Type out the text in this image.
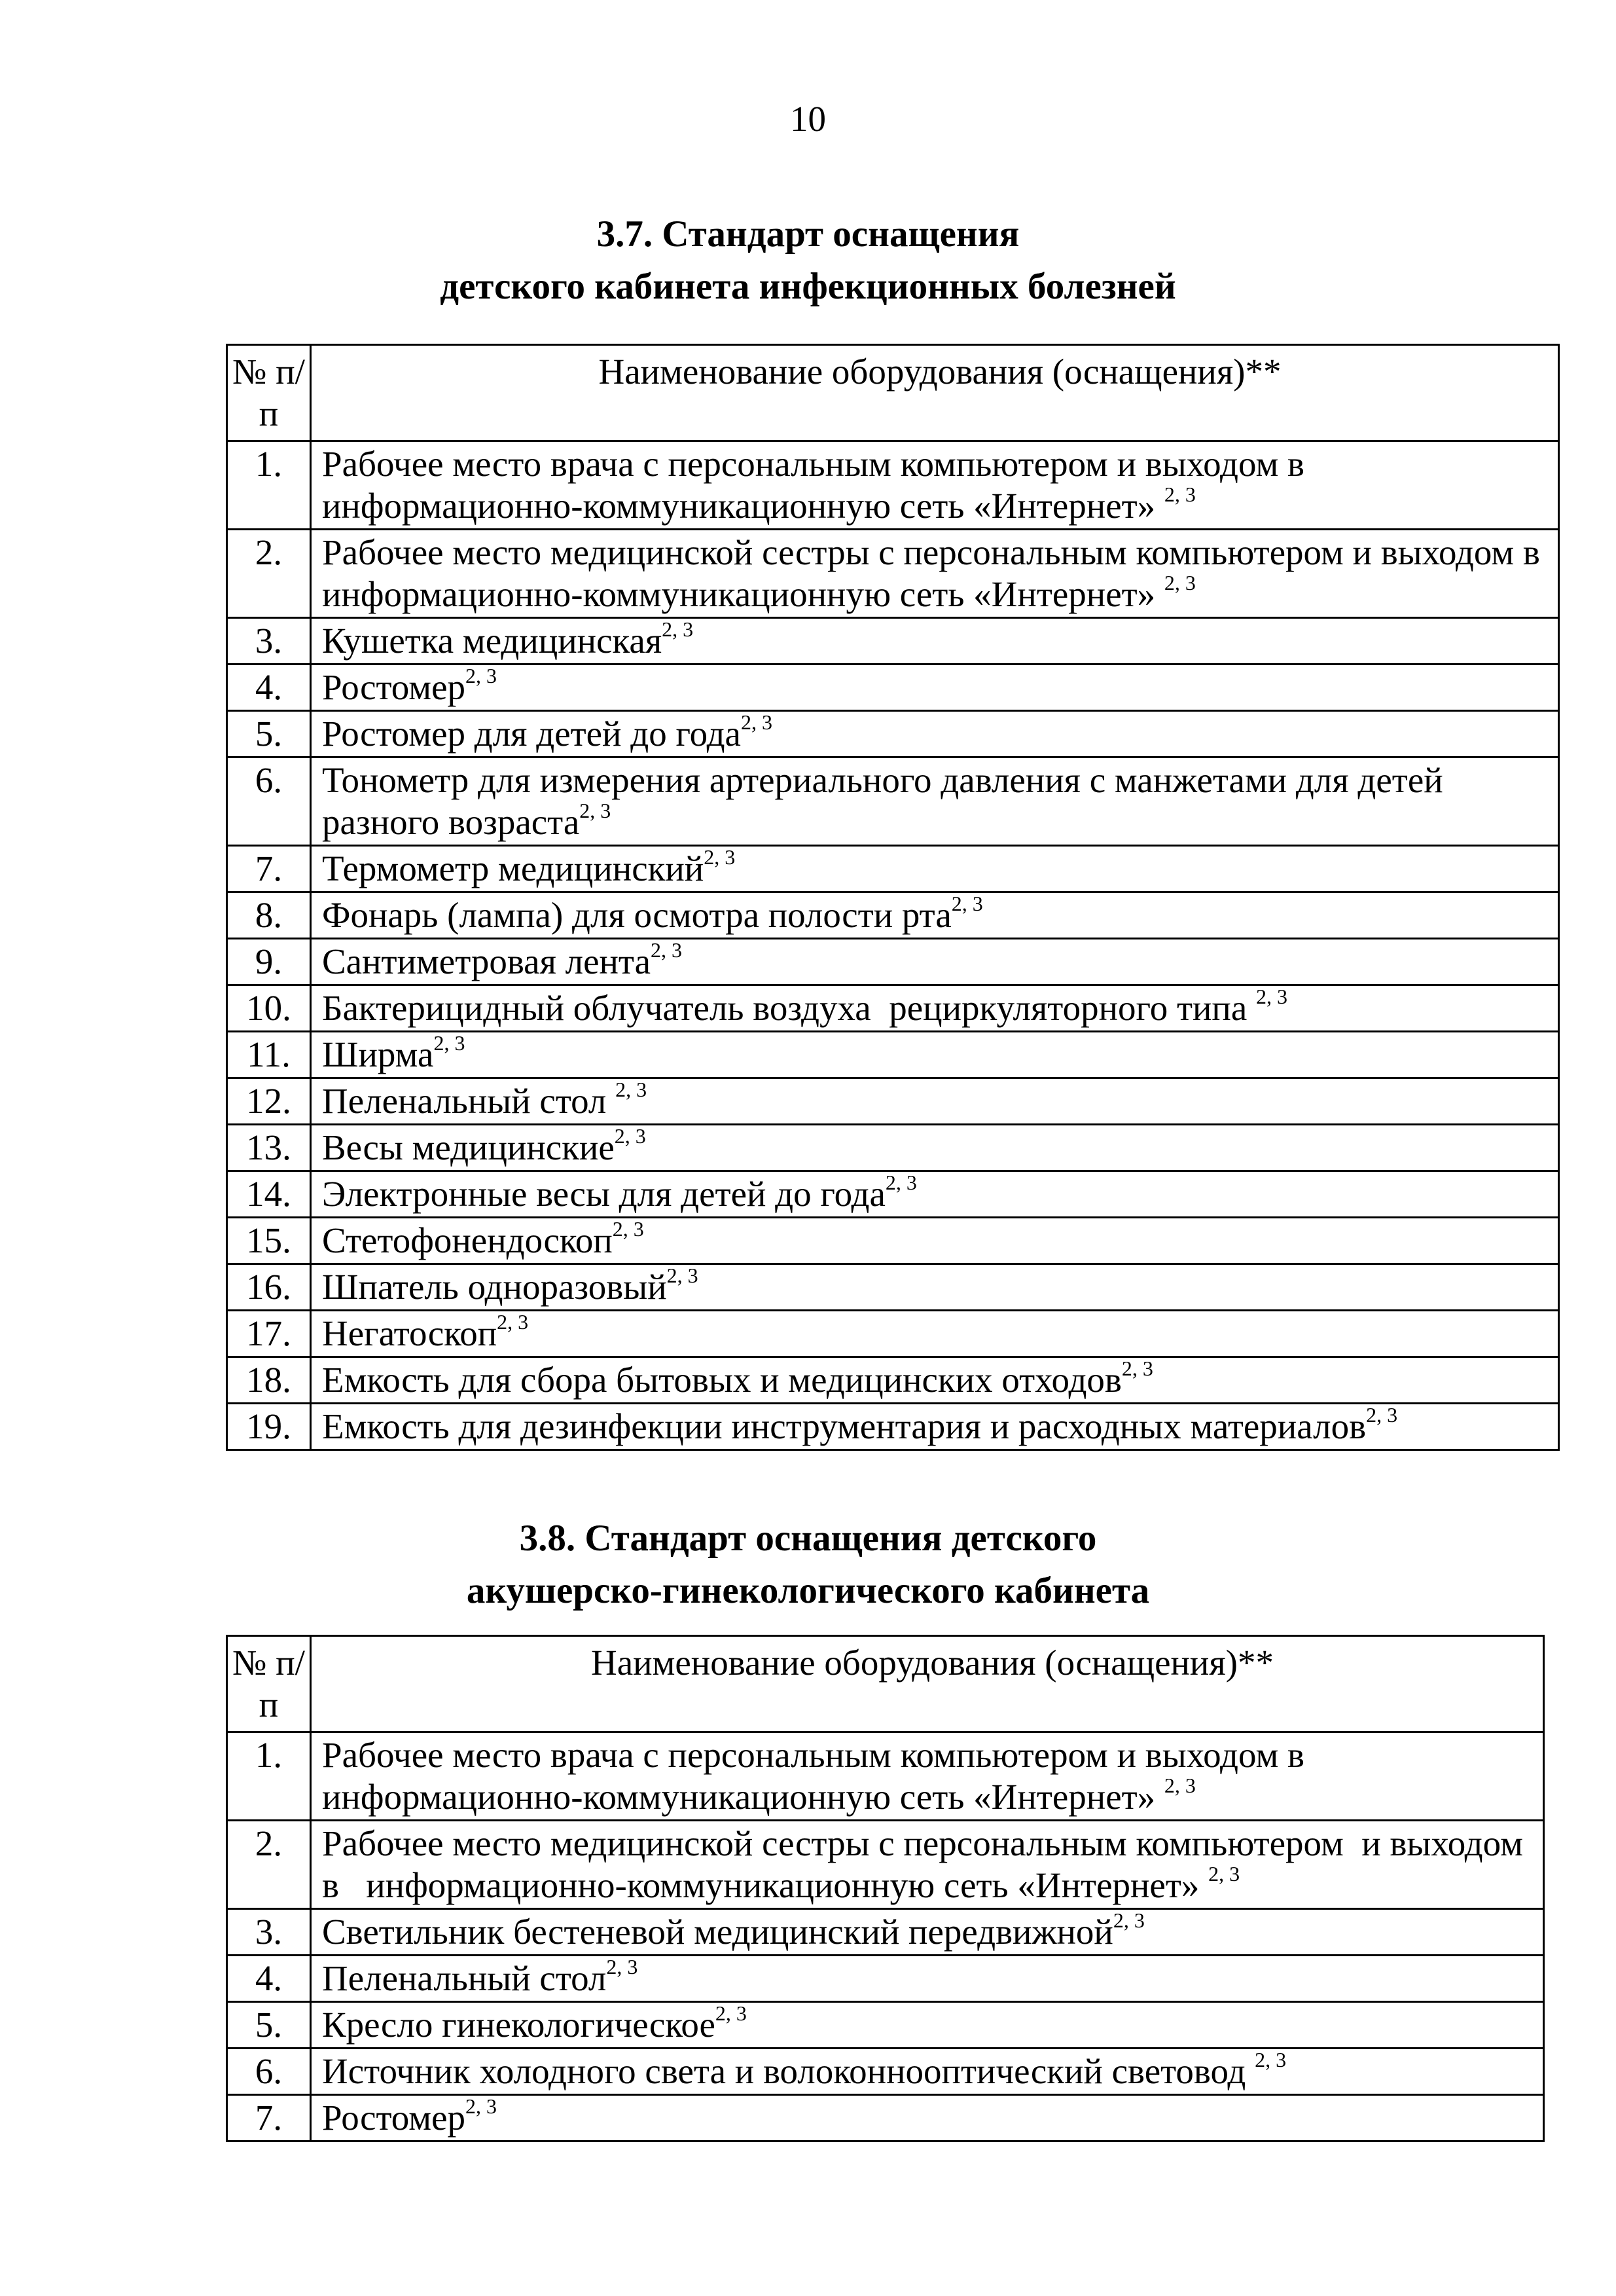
10
3.7. Стандарт оснащения
детского кабинета инфекционных болезней
№ п/п	Наименование оборудования (оснащения)**
1.	Рабочее место врача с персональным компьютером и выходом в информационно-коммуникационную сеть «Интернет» $^{2, 3}$
2.	Рабочее место медицинской сестры с персональным компьютером и выходом в информационно-коммуникационную сеть «Интернет» $^{2, 3}$
3.	Кушетка медицинская$^{2, 3}$
4.	Ростомер$^{2, 3}$
5.	Ростомер для детей до года$^{2, 3}$
6.	Тонометр для измерения артериального давления с манжетами для детей разного возраста$^{2, 3}$
7.	Термометр медицинский$^{2, 3}$
8.	Фонарь (лампа) для осмотра полости рта$^{2, 3}$
9.	Сантиметровая лента$^{2, 3}$
10.	Бактерицидный облучатель воздуха  рециркуляторного типа $^{2, 3}$
11.	Ширма$^{2, 3}$
12.	Пеленальный стол $^{2, 3}$
13.	Весы медицинские$^{2, 3}$
14.	Электронные весы для детей до года$^{2, 3}$
15.	Стетофонендоскоп$^{2, 3}$
16.	Шпатель одноразовый$^{2, 3}$
17.	Негатоскоп$^{2, 3}$
18.	Емкость для сбора бытовых и медицинских отходов$^{2, 3}$
19.	Емкость для дезинфекции инструментария и расходных материалов$^{2, 3}$
3.8. Стандарт оснащения детского
акушерско-гинекологического кабинета
№ п/п	Наименование оборудования (оснащения)**
1.	Рабочее место врача с персональным компьютером и выходом в информационно-коммуникационную сеть «Интернет» $^{2, 3}$
2.	Рабочее место медицинской сестры с персональным компьютером  и выходом в   информационно-коммуникационную сеть «Интернет» $^{2, 3}$
3.	Светильник бестеневой медицинский передвижной$^{2, 3}$
4.	Пеленальный стол$^{2, 3}$
5.	Кресло гинекологическое$^{2, 3}$
6.	Источник холодного света и волоконнооптический световод $^{2, 3}$
7.	Ростомер$^{2, 3}$
